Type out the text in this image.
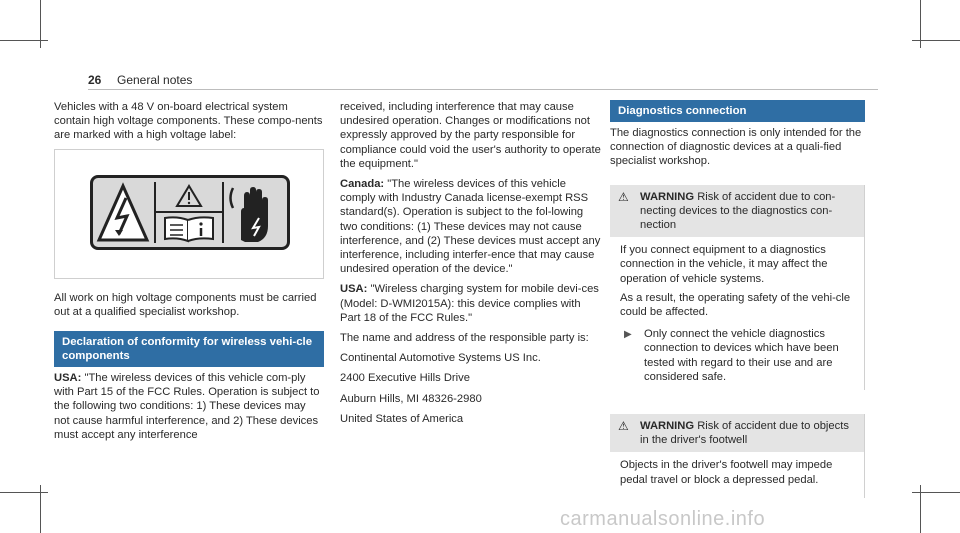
26 General notes

Vehicles with a 48 V on-board electrical system contain high voltage components. These compo-nents are marked with a high voltage label:

All work on high voltage components must be carried out at a qualified specialist workshop.

Declaration of conformity for wireless vehi-cle components

USA: "The wireless devices of this vehicle com-ply with Part 15 of the FCC Rules. Operation is subject to the following two conditions: 1) These devices may not cause harmful interference, and 2) These devices must accept any interference

received, including interference that may cause undesired operation. Changes or modifications not expressly approved by the party responsible for compliance could void the user's authority to operate the equipment."

Canada: "The wireless devices of this vehicle comply with Industry Canada license-exempt RSS standard(s). Operation is subject to the fol-lowing two conditions: (1) These devices may not cause interference, and (2) These devices must accept any interference, including interfer-ence that may cause undesired operation of the device."

USA: "Wireless charging system for mobile devi-ces (Model: D-WMI2015A): this device complies with Part 18 of the FCC Rules."

The name and address of the responsible party is:

Continental Automotive Systems US Inc.

2400 Executive Hills Drive

Auburn Hills, MI 48326-2980

United States of America

Diagnostics connection

The diagnostics connection is only intended for the connection of diagnostic devices at a quali-fied specialist workshop.

⚠ WARNING Risk of accident due to con-necting devices to the diagnostics con-nection

If you connect equipment to a diagnostics connection in the vehicle, it may affect the operation of vehicle systems.

As a result, the operating safety of the vehi-cle could be affected.

▶ Only connect the vehicle diagnostics connection to devices which have been tested with regard to their use and are considered safe.
⚠ WARNING Risk of accident due to objects in the driver's footwell

Objects in the driver's footwell may impede pedal travel or block a depressed pedal.

carmanualsonline.info
